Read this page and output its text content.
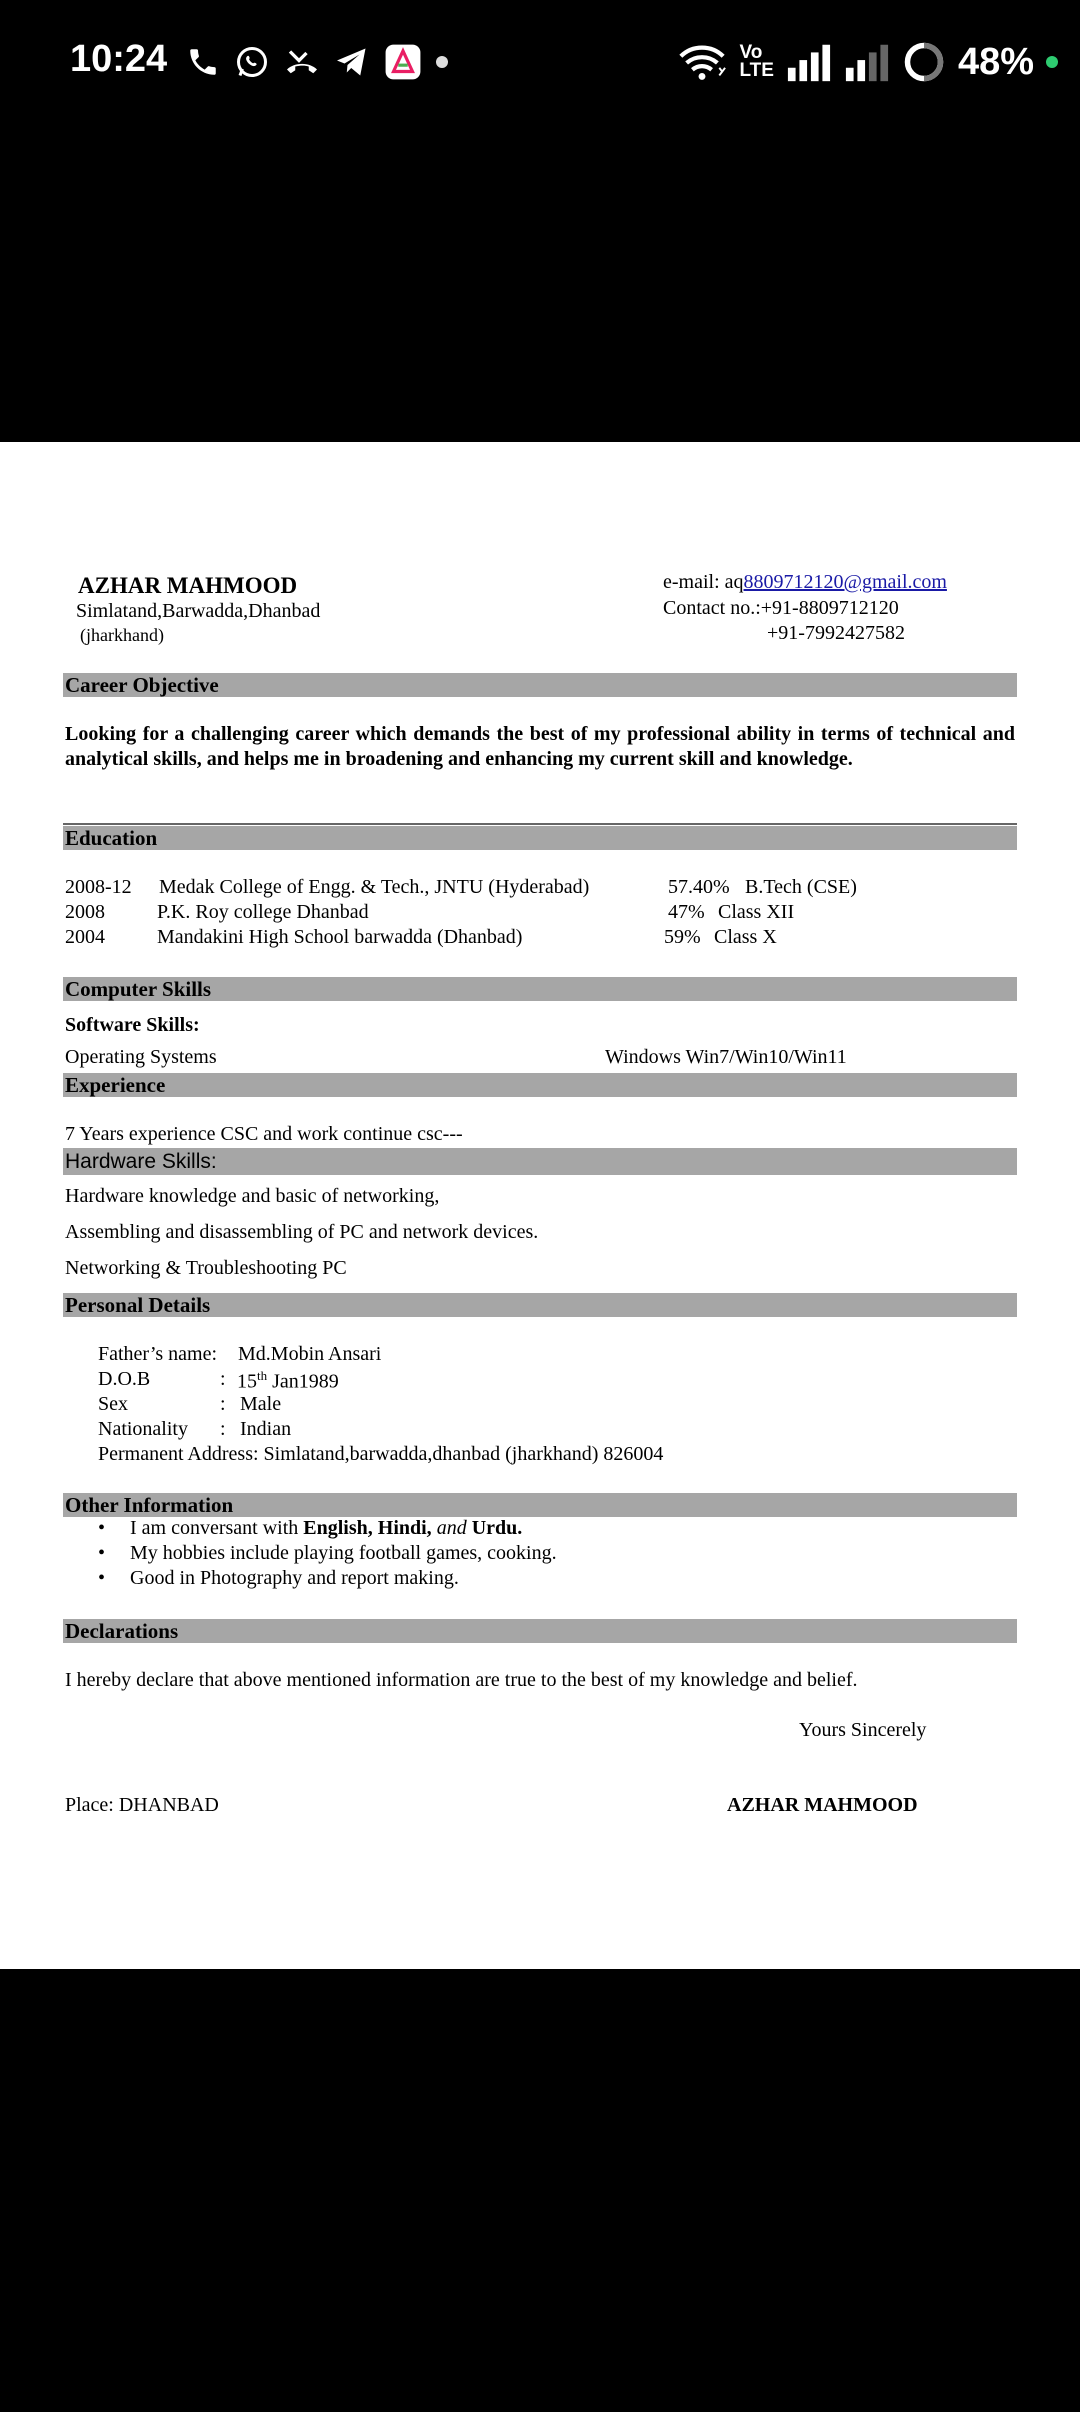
10:24	Vo
LTE	48%
AZHAR MAHMOOD
Simlatand,Barwadda,Dhanbad
(jharkhand)
e-mail: aq8809712120@gmail.com
Contact no.:+91-8809712120
+91-7992427582
Career Objective
Looking for a challenging career which demands the best of my professional ability in terms of technical and analytical skills, and helps me in broadening and enhancing my current skill and knowledge.
Education
2008-12 Medak College of Engg. & Tech., JNTU (Hyderabad)	57.40% B.Tech (CSE)
2008	P.K. Roy college Dhanbad	47% Class XII
2004	Mandakini High School barwadda (Dhanbad)	59% Class X
Computer Skills
Software Skills:
Operating Systems	Windows Win7/Win10/Win11
Experience
7 Years experience CSC and work continue csc---
Hardware Skills:
Hardware knowledge and basic of networking,
Assembling and disassembling of PC and network devices.
Networking & Troubleshooting PC
Personal Details
Father’s name: Md.Mobin Ansari
D.O.B	: 15th Jan1989
Sex	: Male
Nationality : Indian
Permanent Address: Simlatand,barwadda,dhanbad (jharkhand) 826004
Other Information
• I am conversant with English, Hindi, and Urdu.
• My hobbies include playing football games, cooking.
• Good in Photography and report making.
Declarations
I hereby declare that above mentioned information are true to the best of my knowledge and belief.
Yours Sincerely
Place: DHANBAD	AZHAR MAHMOOD
